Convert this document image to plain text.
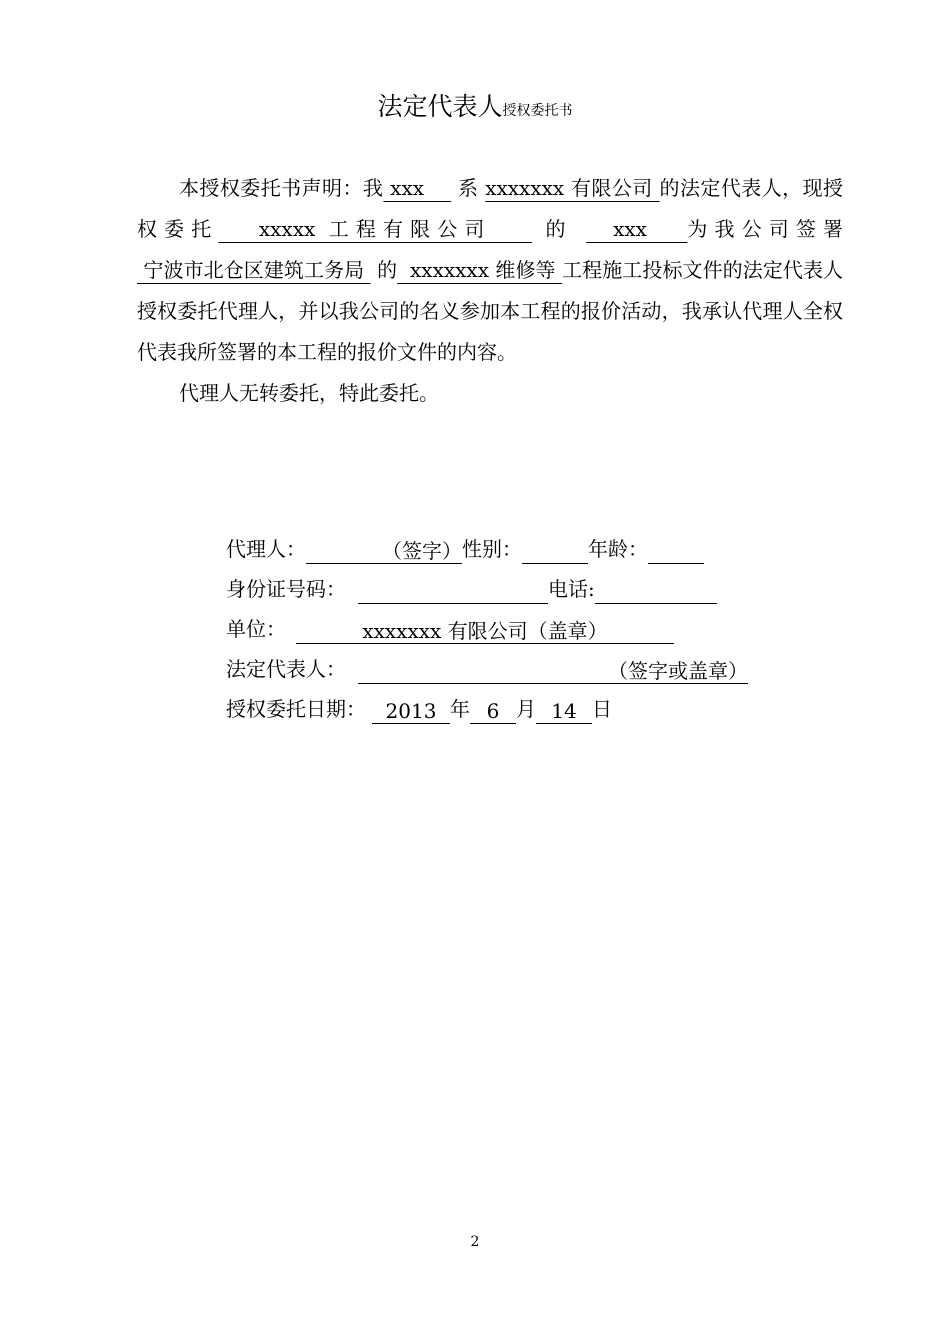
法定代表人授权委托书
本授权委托书声明：我 xxx     系 xxxxxxx 有限公司 的法定代表人，现授权委托   xxxxx 工程有限公司    的   xxx   为我公司签署 宁波市北仓区建筑工务局  的  xxxxxxx 维修等 工程施工投标文件的法定代表人授权委托代理人，并以我公司的名义参加本工程的报价活动，我承认代理人全权代表我所签署的本工程的报价文件的内容。
代理人无转委托，特此委托。
代理人：	（签字）性别：	年龄：
身份证号码：	电话:
单位：	xxxxxxx 有限公司（盖章）
法定代表人：	（签字或盖章）
授权委托日期： 2013 年 6 月 14 日
2
